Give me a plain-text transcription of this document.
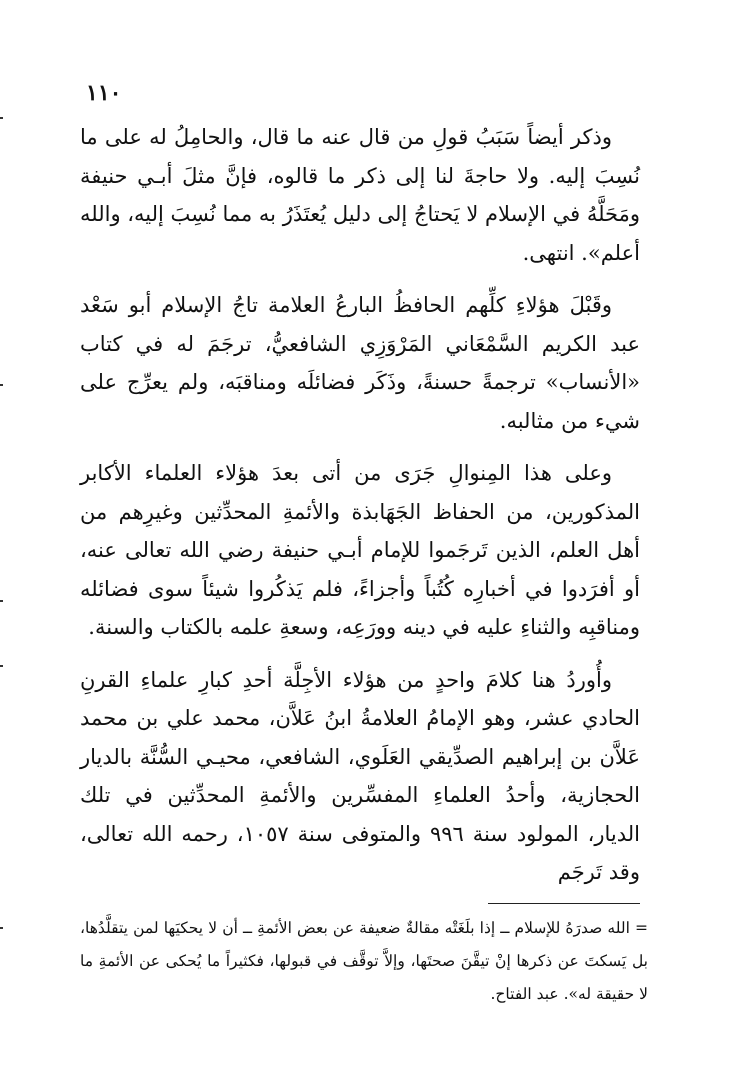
١١٠

وذكر أيضاً سَبَبُ قولِ من قال عنه ما قال، والحامِلُ له على ما نُسِبَ إليه. ولا حاجةَ لنا إلى ذكر ما قالوه، فإنَّ مثلَ أبـي حنيفة ومَحَلَّهُ في الإسلام لا يَحتاجُ إلى دليل يُعتَذَرُ به مما نُسِبَ إليه، والله أعلم». انتهى.

وقَبْلَ هؤلاءِ كلِّهم الحافظُ البارعُ العلامة تاجُ الإسلام أبو سَعْد عبد الكريم السَّمْعَاني المَرْوَزِي الشافعيُّ، ترجَمَ له في كتاب «الأنساب» ترجمةً حسنةً، وذَكَر فضائلَه ومناقبَه، ولم يعرِّج على شيء من مثالبه.

وعلى هذا المِنوالِ جَرَى من أتى بعدَ هؤلاء العلماء الأكابر المذكورين، من الحفاظ الجَهَابذة والأئمةِ المحدِّثين وغيرِهم من أهل العلم، الذين تَرجَموا للإمام أبـي حنيفة رضي الله تعالى عنه، أو أفرَدوا في أخبارِه كُتُباً وأجزاءً، فلم يَذكُروا شيئاً سوى فضائله ومناقبِه والثناءِ عليه في دينه وورَعِه، وسعةِ علمه بالكتاب والسنة.

وأُوردُ هنا كلامَ واحدٍ من هؤلاء الأجِلَّة أحدِ كبارِ علماءِ القرنِ الحادي عشر، وهو الإمامُ العلامةُ ابنُ عَلاَّن، محمد علي بن محمد عَلاَّن بن إبراهيم الصدِّيقي العَلَوي، الشافعي، محيـي السُّنَّة بالديار الحجازية، وأحدُ العلماءِ المفسِّرين والأئمةِ المحدِّثين في تلك الديار، المولود سنة ٩٩٦ والمتوفى سنة ١٠٥٧، رحمه الله تعالى، وقد تَرجَم

= الله صدرَهُ للإسلام ــ إذا بلَغَتْه مقالةٌ ضعيفة عن بعض الأئمةِ ــ أن لا يحكيَها لمن يتقلَّدُها، بل يَسكتَ عن ذكرها إنْ تيقَّنَ صحتَها، وإلاَّ توقَّف في قبولها، فكثيراً ما يُحكى عن الأئمةِ ما لا حقيقة له». عبد الفتاح.
